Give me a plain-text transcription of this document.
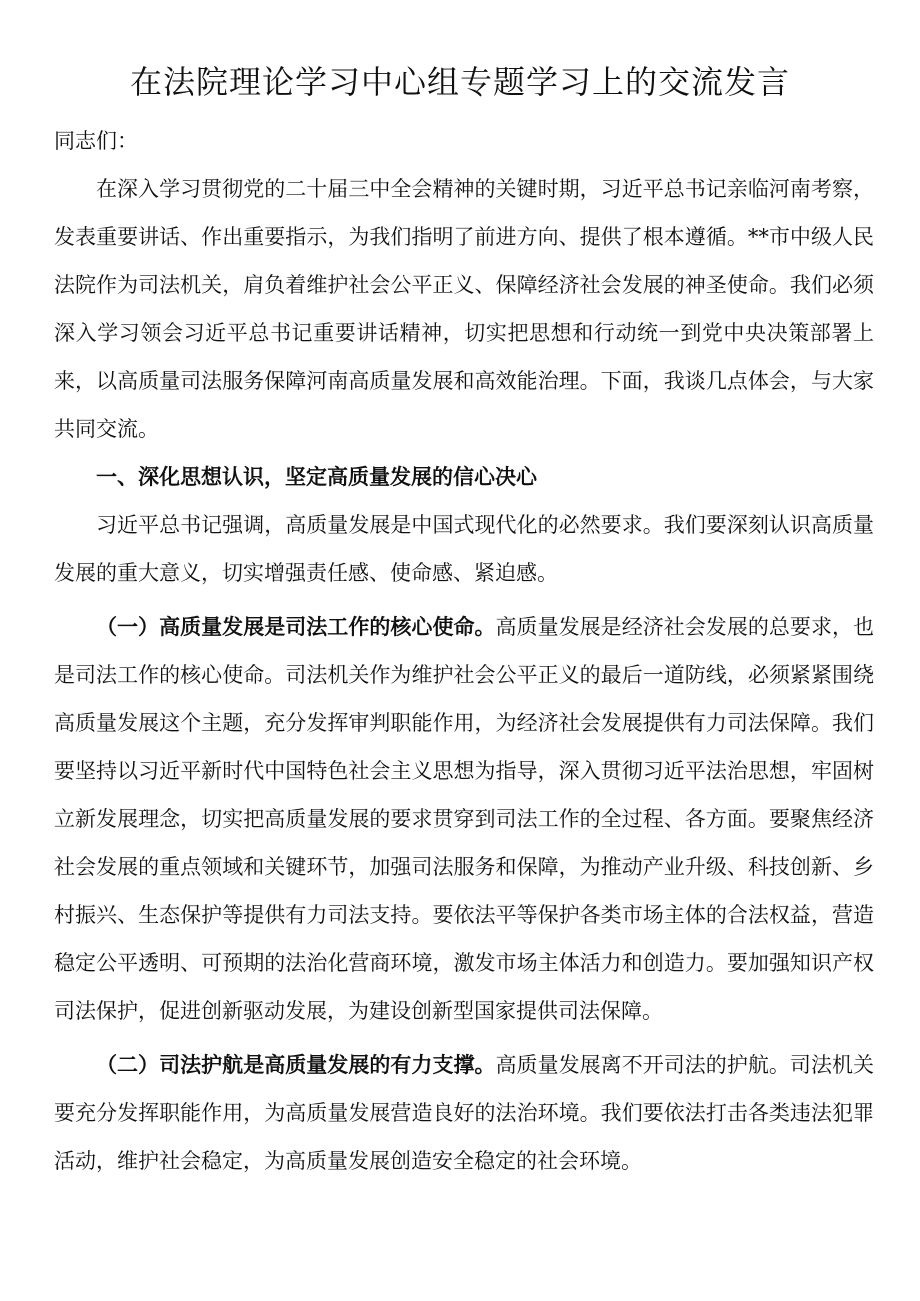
在法院理论学习中心组专题学习上的交流发言

同志们：

在深入学习贯彻党的二十届三中全会精神的关键时期，习近平总书记亲临河南考察，发表重要讲话、作出重要指示，为我们指明了前进方向、提供了根本遵循。**市中级人民法院作为司法机关，肩负着维护社会公平正义、保障经济社会发展的神圣使命。我们必须深入学习领会习近平总书记重要讲话精神，切实把思想和行动统一到党中央决策部署上来，以高质量司法服务保障河南高质量发展和高效能治理。下面，我谈几点体会，与大家共同交流。

一、深化思想认识，坚定高质量发展的信心决心

习近平总书记强调，高质量发展是中国式现代化的必然要求。我们要深刻认识高质量发展的重大意义，切实增强责任感、使命感、紧迫感。

（一）高质量发展是司法工作的核心使命。高质量发展是经济社会发展的总要求，也是司法工作的核心使命。司法机关作为维护社会公平正义的最后一道防线，必须紧紧围绕高质量发展这个主题，充分发挥审判职能作用，为经济社会发展提供有力司法保障。我们要坚持以习近平新时代中国特色社会主义思想为指导，深入贯彻习近平法治思想，牢固树立新发展理念，切实把高质量发展的要求贯穿到司法工作的全过程、各方面。要聚焦经济社会发展的重点领域和关键环节，加强司法服务和保障，为推动产业升级、科技创新、乡村振兴、生态保护等提供有力司法支持。要依法平等保护各类市场主体的合法权益，营造稳定公平透明、可预期的法治化营商环境，激发市场主体活力和创造力。要加强知识产权司法保护，促进创新驱动发展，为建设创新型国家提供司法保障。

（二）司法护航是高质量发展的有力支撑。高质量发展离不开司法的护航。司法机关要充分发挥职能作用，为高质量发展营造良好的法治环境。我们要依法打击各类违法犯罪活动，维护社会稳定，为高质量发展创造安全稳定的社会环境。
